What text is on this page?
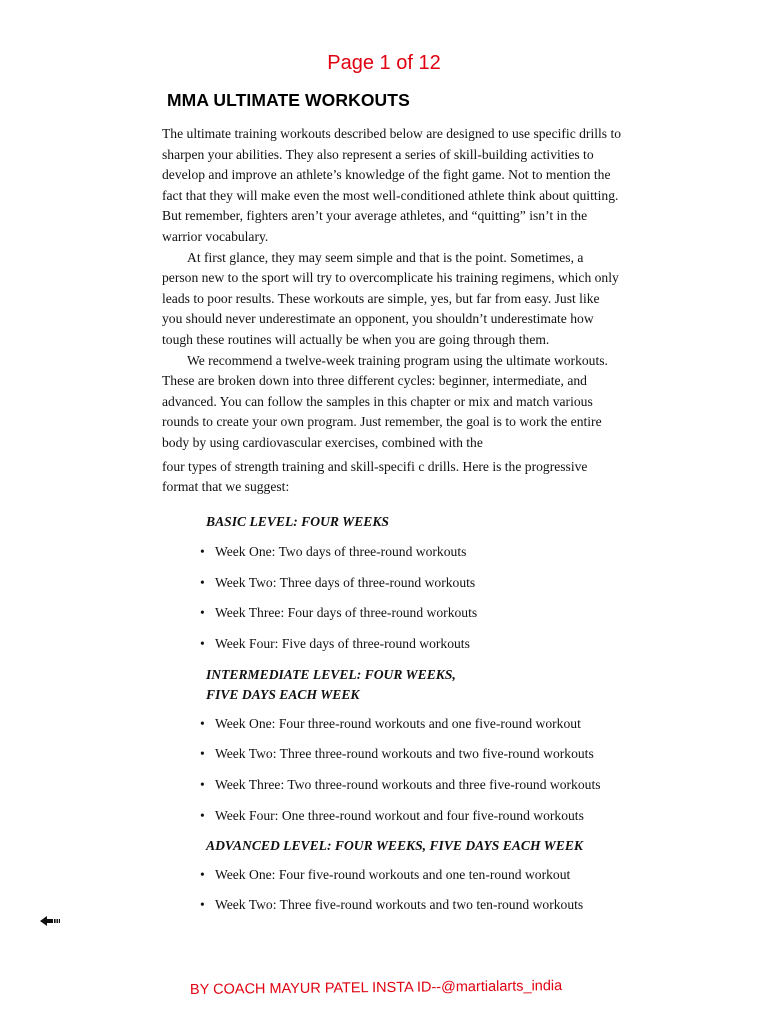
Page 1 of 12
MMA ULTIMATE WORKOUTS

The ultimate training workouts described below are designed to use specific drills to sharpen your abilities. They also represent a series of skill-building activities to develop and improve an athlete’s knowledge of the fight game. Not to mention the fact that they will make even the most well-conditioned athlete think about quitting. But remember, fighters aren’t your average athletes, and “quitting” isn’t in the warrior vocabulary.

At first glance, they may seem simple and that is the point. Sometimes, a person new to the sport will try to overcomplicate his training regimens, which only leads to poor results. These workouts are simple, yes, but far from easy. Just like you should never underestimate an opponent, you shouldn’t underestimate how tough these routines will actually be when you are going through them.

We recommend a twelve-week training program using the ultimate workouts. These are broken down into three different cycles: beginner, intermediate, and advanced. You can follow the samples in this chapter or mix and match various rounds to create your own program. Just remember, the goal is to work the entire body by using cardiovascular exercises, combined with the

four types of strength training and skill-specifi c drills. Here is the progressive format that we suggest:

BASIC LEVEL: FOUR WEEKS

• Week One: Two days of three-round workouts
• Week Two: Three days of three-round workouts
• Week Three: Four days of three-round workouts
• Week Four: Five days of three-round workouts
INTERMEDIATE LEVEL: FOUR WEEKS,
FIVE DAYS EACH WEEK
• Week One: Four three-round workouts and one five-round workout
• Week Two: Three three-round workouts and two five-round workouts
• Week Three: Two three-round workouts and three five-round workouts
• Week Four: One three-round workout and four five-round workouts

ADVANCED LEVEL: FOUR WEEKS, FIVE DAYS EACH WEEK

• Week One: Four five-round workouts and one ten-round workout
• Week Two: Three five-round workouts and two ten-round workouts
BY COACH MAYUR PATEL INSTA ID--@martialarts_india
